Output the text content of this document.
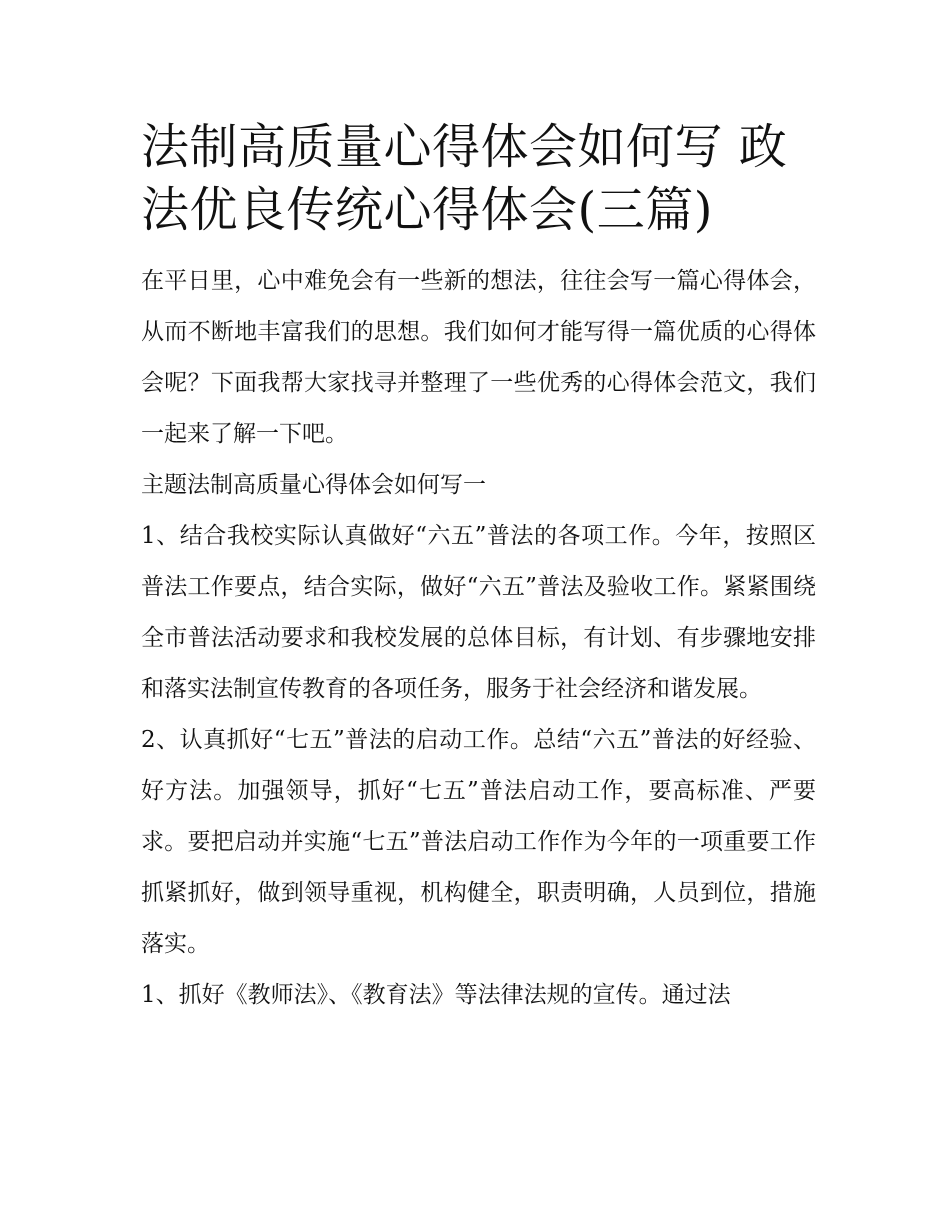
法制高质量心得体会如何写 政法优良传统心得体会(三篇)

在平日里，心中难免会有一些新的想法，往往会写一篇心得体会，从而不断地丰富我们的思想。我们如何才能写得一篇优质的心得体会呢？下面我帮大家找寻并整理了一些优秀的心得体会范文，我们一起来了解一下吧。

主题法制高质量心得体会如何写一

1、结合我校实际认真做好“六五”普法的各项工作。今年，按照区普法工作要点，结合实际，做好“六五”普法及验收工作。紧紧围绕全市普法活动要求和我校发展的总体目标，有计划、有步骤地安排和落实法制宣传教育的各项任务，服务于社会经济和谐发展。

2、认真抓好“七五”普法的启动工作。总结“六五”普法的好经验、好方法。加强领导，抓好“七五”普法启动工作，要高标准、严要求。要把启动并实施“七五”普法启动工作作为今年的一项重要工作抓紧抓好，做到领导重视，机构健全，职责明确，人员到位，措施落实。

1、抓好《教师法》、《教育法》等法律法规的宣传。通过法
